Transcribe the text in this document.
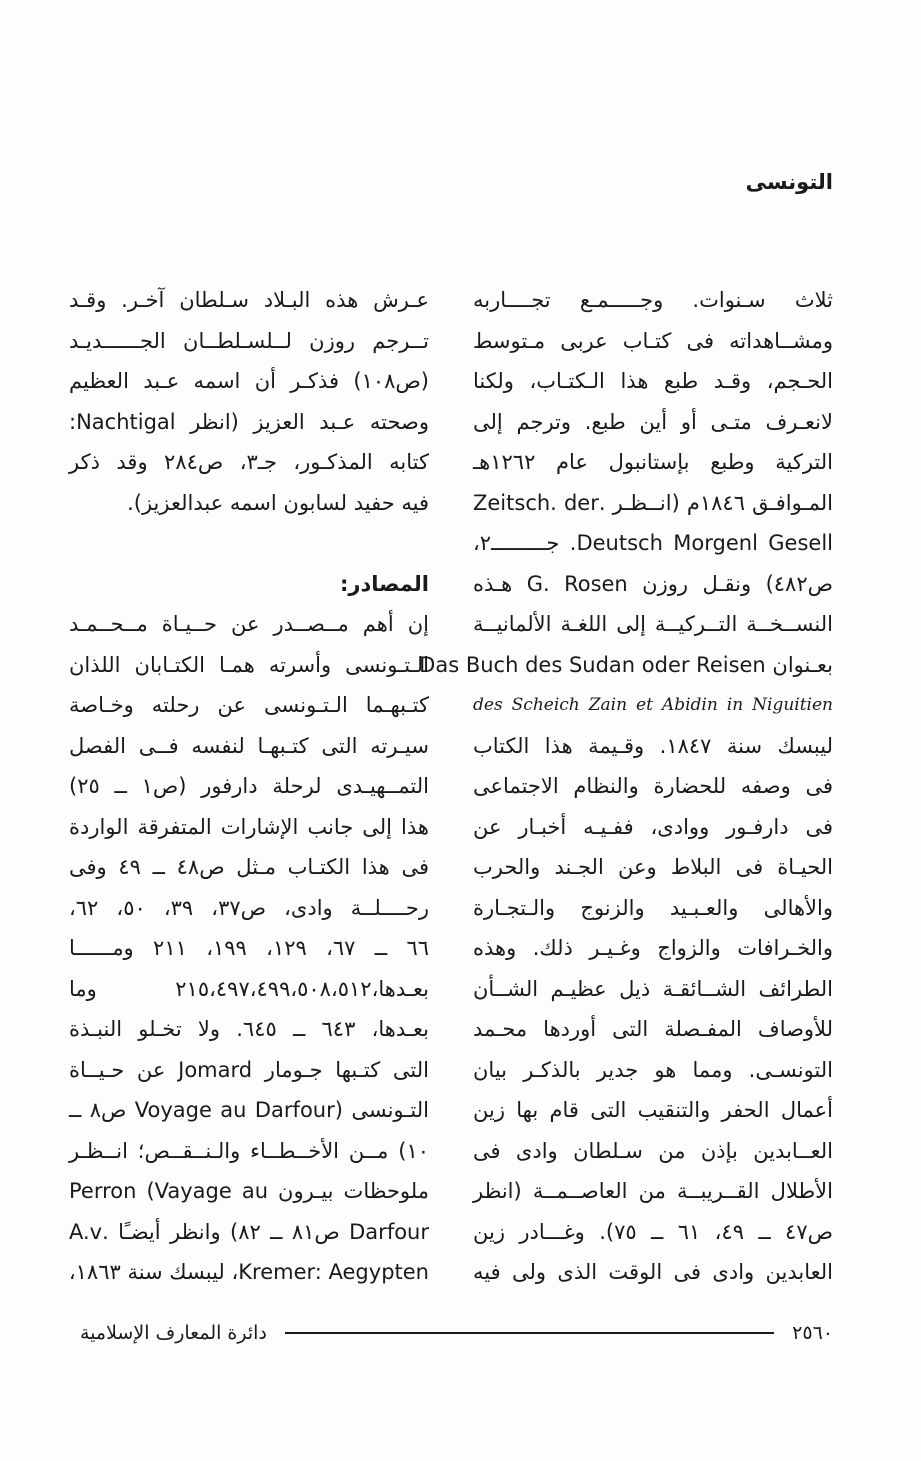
التونسى
ثلاث سـنوات. وجـــــمـع تجــــاربه
ومشــاهداته فى كتـاب عربى مـتوسط
الحـجم، وقـد طبع هذا الـكتـاب، ولكنا
لانعـرف متـى أو أين طبع. وترجم إلى
التركية وطبع بإستانبول عام ١٢٦٢هـ
المـوافـق ١٨٤٦م (انــظـر .Zeitsch. der
Deutsch Morgenl Gesell. جـــــــــ٢،
ص٤٨٢) ونقـل روزن G. Rosen هـذه
النســخــة التــركيــة إلى اللغـة الألمانيــة
بعـنوان Das Buch des Sudan oder Reisen
des Scheich Zain et Abidin in Niguitien
ليبسك سنة ١٨٤٧. وقـيمة هذا الكتاب
فى وصفه للحضارة والنظام الاجتماعى
فى دارفـور ووادى، ففـيـه أخبـار عن
الحيـاة فى البلاط وعن الجـند والحرب
والأهالى والعـبـيد والزنوج والـتجـارة
والخـرافات والزواج وغـيـر ذلك. وهذه
الطرائف الشــائقـة ذيل عظيـم الشــأن
للأوصاف المفـصلة التى أوردها محـمد
التونسـى. ومما هو جدير بالذكـر بيان
أعمال الحفر والتنقيب التى قام بها زين
العــابدين بإذن من سـلطان وادى فى
الأطلال القــريبــة من العاصــمــة (انظر
ص٤٧ ــ ٤٩، ٦١ ــ ٧٥). وغـــادر زين
العابدين وادى فى الوقت الذى ولى فيه
عـرش هذه البـلاد سـلطان آخـر. وقـد
تــرجم روزن لــلسـلطــان الجــــــديـد
(ص١٠٨) فذكـر أن اسمه عـبد العظيم
وصحته عـبد العزيز (انظر Nachtigal:
كتابه المذكـور، جـ٣، ص٢٨٤ وقد ذكر
فيه حفيد لسابون اسمه عبدالعزيز).
المصادر:
إن أهم مــصــدر عن حــيـاة مــحــمـد
الـتـونسى وأسرته همـا الكتـابان اللذان
كتـبهـما الـتـونسى عن رحلته وخـاصة
سيـرته التى كتـبهـا لنفسه فــى الفصل
التمــهيـدى لرحلة دارفور (ص١ ــ ٢٥)
هذا إلى جانب الإشارات المتفرقة الواردة
فى هذا الكتـاب مـثل ص٤٨ ــ ٤٩ وفى
رحــــلــة وادى، ص٣٧، ٣٩، ٥٠، ٦٢،
٦٦ ــ ٦٧، ١٢٩، ١٩٩، ٢١١ ومــــــا
بعـدها،٢١٥،٤٩٧،٤٩٩،٥٠٨،٥١٢ وما
بعـدها، ٦٤٣ ــ ٦٤٥. ولا تخـلو النبـذة
التى كتـبها جـومار Jomard عن حـيــاة
التـونسى (Voyage au Darfour ص٨ ــ
١٠) مــن الأخــطــاء والـنــقــص؛ انــظـر
ملوحظات بيـرون Perron (Vayage au
Darfour ص٨١ ــ ٨٢) وانظر أيضـًا .A.v
Kremer: Aegypten، ليبسك سنة ١٨٦٣،
دائرة المعارف الإسلامية	٢٥٦٠
